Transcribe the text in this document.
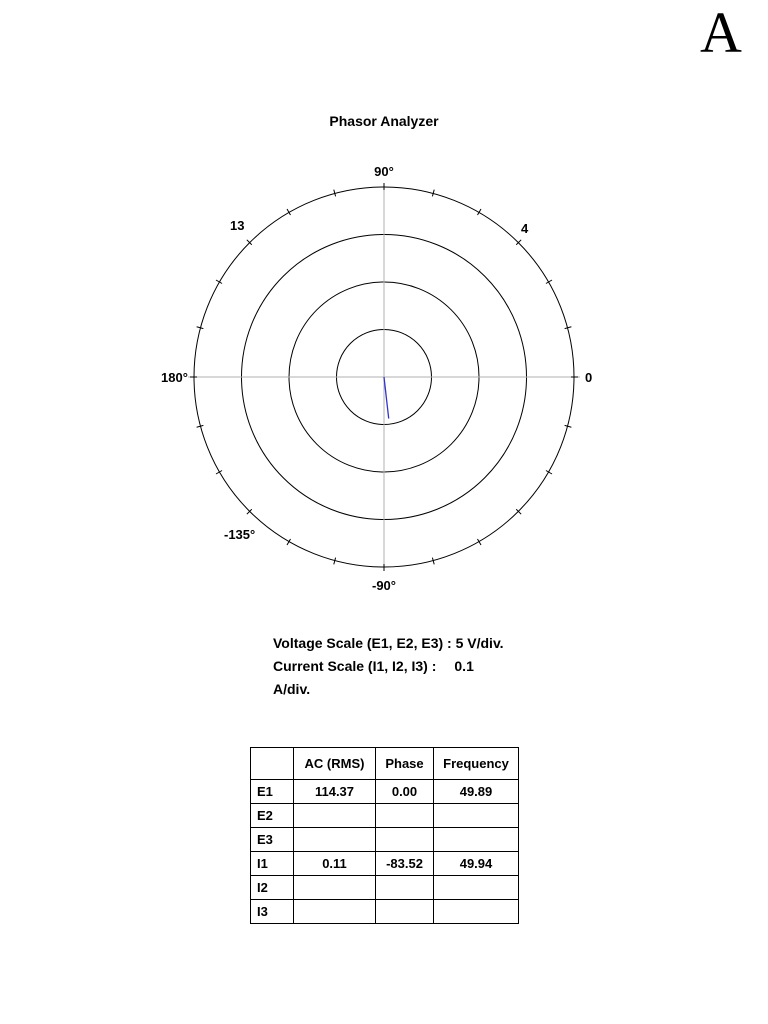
A
Phasor Analyzer
90°
-90°
180°	0
4
13
-135°
Voltage Scale (E1, E2, E3) : 5 V/div.
Current Scale (I1, I2, I3) : 0.1
A/div.
	AC (RMS)	Phase	Frequency
E1	114.37	0.00	49.89
E2			
E3			
I1	0.11	-83.52	49.94
I2			
I3			
